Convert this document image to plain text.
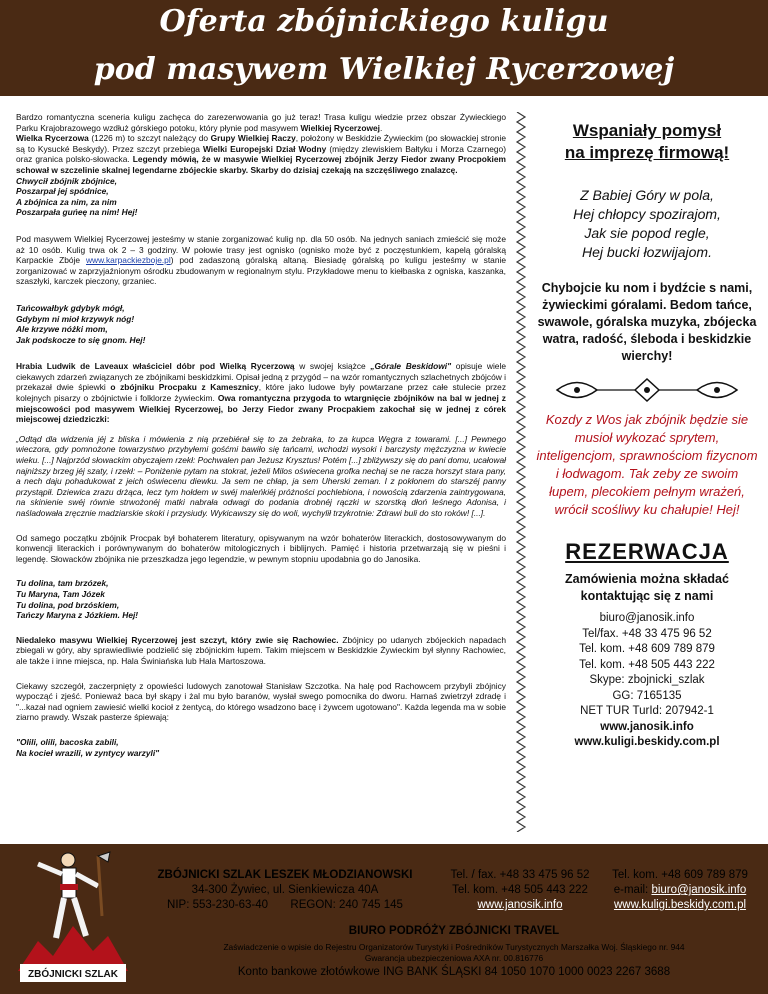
Oferta zbójnickiego kuligu
pod masywem Wielkiej Rycerzowej

Bardzo romantyczna sceneria kuligu zachęca do zarezerwowania go już teraz! Trasa kuligu wiedzie przez obszar Żywieckiego Parku Krajobrazowego wzdłuż górskiego potoku, który płynie pod masywem Wielkiej Rycerzowej.
Wielka Rycerzowa (1226 m) to szczyt należący do Grupy Wielkiej Raczy, położony w Beskidzie Żywieckim (po słowackiej stronie są to Kysucké Beskydy). Przez szczyt przebiega Wielki Europejski Dział Wodny (między zlewiskiem Bałtyku i Morza Czarnego) oraz granica polsko-słowacka. Legendy mówią, że w masywie Wielkiej Rycerzowej zbójnik Jerzy Fiedor zwany Procpokiem schował w szczelinie skalnej legendarne zbójeckie skarby. Skarby do dzisiaj czekają na szczęśliwego znalazcę.
Chwycił zbójnik zbójnice,
Poszarpał jej spódnice,
A zbójnica za nim, za nim
Poszarpała guńeę na nim! Hej!

Pod masywem Wielkiej Rycerzowej jesteśmy w stanie zorganizować kulig np. dla 50 osób. Na jednych saniach zmieścić się może aż 10 osób. Kulig trwa ok 2 – 3 godziny. W połowie trasy jest ognisko (ognisko może być z poczęstunkiem, kapelą góralską Karpackie Zbóje www.karpackiezboje.pl) pod zadaszoną góralską altaną. Biesiadę góralską po kuligu jesteśmy w stanie zorganizować w zaprzyjaźnionym ośrodku zbudowanym w regionalnym stylu. Przykładowe menu to kiełbaska z ogniska, kaszanka, szaszłyki, karczek pieczony, grzaniec.

Tańcowałbyk gdybyk mógł,
Gdybym ni mioł krzywyk nóg!
Ale krzywe nóżki mom,
Jak podskocze to się gnom. Hej!

Hrabia Ludwik de Laveaux właściciel dóbr pod Wielką Rycerzową w swojej książce „Górale Beskidowi" opisuje wiele ciekawych zdarzeń związanych ze zbójnikami beskidzkimi. Opisał jedną z przygód – na wzór romantycznych szlachetnych zbójców i przekazał dwie śpiewki o zbójniku Procpaku z Kamesznicy, które jako ludowe były powtarzane przez całe stulecie przez kolejnych pisarzy o zbójnictwie i folklorze żywieckim. Owa romantyczna przygoda to wtargnięcie zbójników na bal w jednej z miejscowości pod masywem Wielkiej Rycerzowej, bo Jerzy Fiedor zwany Procpakiem zakochał się w jednej z córek miejscowej dziedziczki:

„Odtąd dla widzenia jéj z bliska i mówienia z nią przebiérał się to za żebraka, to za kupca Węgra z towarami. [...] Pewnego wieczora, gdy pomnożone towarzystwo przybyłemi gośćmi bawiło się tańcami, wchodzi wysoki i barczysty mężczyzna w kwiecie wieku. [...] Najprzód słowackim obyczajem rzekł: Pochwalen pan Jeżusz Krysztus! Potém [...] zbliżywszy się do pani domu, ucałował najniższy brzeg jéj szaty, i rzekł: – Poniżenie pytam na stokrat, jeżeli Milos oświecena grofka nechaj se ne racza horszyt stara pany, a nech daju pohadukowat z jeich oświecenu diewku. Ja sem ne chłap, ja sem Uherski zeman. I z pokłonem do starszéj panny przystąpił. Dziewica zrazu drżąca, lecz tym hołdem w swéj maleńkiéj próżności pochlebiona, i nowością zdarzenia zaintrygowana, na skinienie swéj równie strwożonéj matki nabrała odwagi do podania drobnéj rączki w szorstką dłoń leśnego Adonisa, i naśladowała zręcznie madziarskie skoki i przysiudy. Wykicawszy się do woli, wychylił trzykrotnie: Zdrawi buli do sto roków! [...].

Od samego początku zbójnik Procpak był bohaterem literatury, opisywanym na wzór bohaterów literackich, dostosowywanym do konwencji literackich i porównywanym do bohaterów mitologicznych i biblijnych. Pamięć i historia przetwarzają się w pieśni i legendę. Słowacków zbójnika nie przeszkadza jego legendzie, w pewnym stopniu upodabnia go do Janosika.

Tu dolina, tam brzózek,
Tu Maryna, Tam Józek
Tu dolina, pod brzóskiem,
Tańczy Maryna z Józkiem. Hej!

Niedaleko masywu Wielkiej Rycerzowej jest szczyt, który zwie się Rachowiec. Zbójnicy po udanych zbójeckich napadach zbiegali w góry, aby sprawiedliwie podzielić się zbójnickim łupem. Takim miejscem w Beskidzkie Żywieckim był słynny Rachowiec, ale także i inne miejsca, np. Hala Świniańska lub Hala Martoszowa.

Ciekawy szczegół, zaczerpnięty z opowieści ludowych zanotował Stanisław Szczotka. Na halę pod Rachowcem przybyli zbójnicy wypocząć i zjeść. Ponieważ baca był skąpy i żal mu było baranów, wysłał swego pomocnika do dworu. Harnaś zwietrzył zdradę i "...kazał nad ogniem zawiesić wielki kocioł z żentycą, do którego wsadzono bacę i żywcem ugotowano". Każda legenda ma w sobie ziarno prawdy. Wszak pasterze śpiewają:

"Olili, olili, bacoska zabili,
Na kocieł wrazili, w zyntycy warzyli"

Wspaniały pomysł
na imprezę firmową!
Z Babiej Góry w pola,
Hej chłopcy spozirajom,
Jak sie popod regle,
Hej bucki łozwijajom.
Chybojcie ku nom i bydźcie s nami, żywieckimi góralami. Bedom tańce, swawole, góralska muzyka, zbójecka watra, radość, śleboda i beskidzkie wierchy!
Kozdy z Wos jak zbójnik będzie sie musioł wykozać sprytem, inteligencjom, sprawnościom fizycnom i łodwagom. Tak zeby ze swoim łupem, plecokiem pełnym wrażeń, wrócił scośliwy ku chałupie! Hej!
REZERWACJA
Zamówienia można składać kontaktując się z nami
biuro@janosik.info
Tel/fax. +48 33 475 96 52
Tel. kom. +48 609 789 879
Tel. kom. +48 505 443 222
Skype: zbojnicki_szlak
GG: 7165135
NET TUR TurId: 207942-1
www.janosik.info
www.kuligi.beskidy.com.pl
ZBÓJNICKI SZLAK
ZBÓJNICKI SZLAK LESZEK MŁODZIANOWSKI
34-300 Żywiec, ul. Sienkiewicza 40A
NIP: 553-230-63-40       REGON: 240 745 145
Tel. / fax. +48 33 475 96 52
Tel. kom. +48 505 443 222
www.janosik.info
Tel. kom. +48 609 789 879
e-mail: biuro@janosik.info
www.kuligi.beskidy.com.pl
BIURO PODRÓŻY ZBÓJNICKI TRAVEL
Zaświadczenie o wpisie do Rejestru Organizatorów Turystyki i Pośredników Turystycznych Marszałka Woj. Śląskiego nr. 944
Gwarancja ubezpieczeniowa AXA nr. 00.816776
Konto bankowe złotówkowe ING BANK ŚLĄSKI 84 1050 1070 1000 0023 2267 3688
